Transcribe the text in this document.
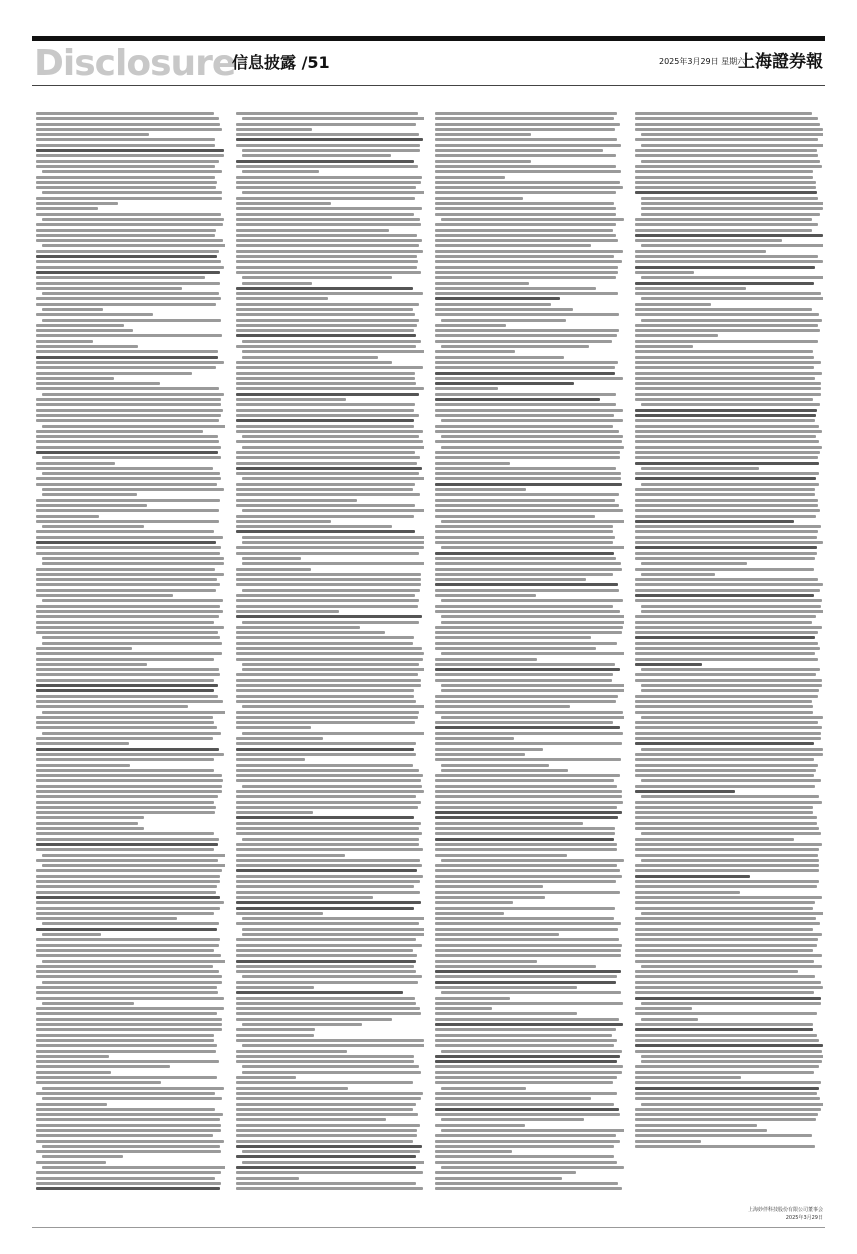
Disclosure
信息披露 /51	2025年3月29日 星期六
上海證券報
上海妙伴科技股份有限公司董事会
2025年3月29日
